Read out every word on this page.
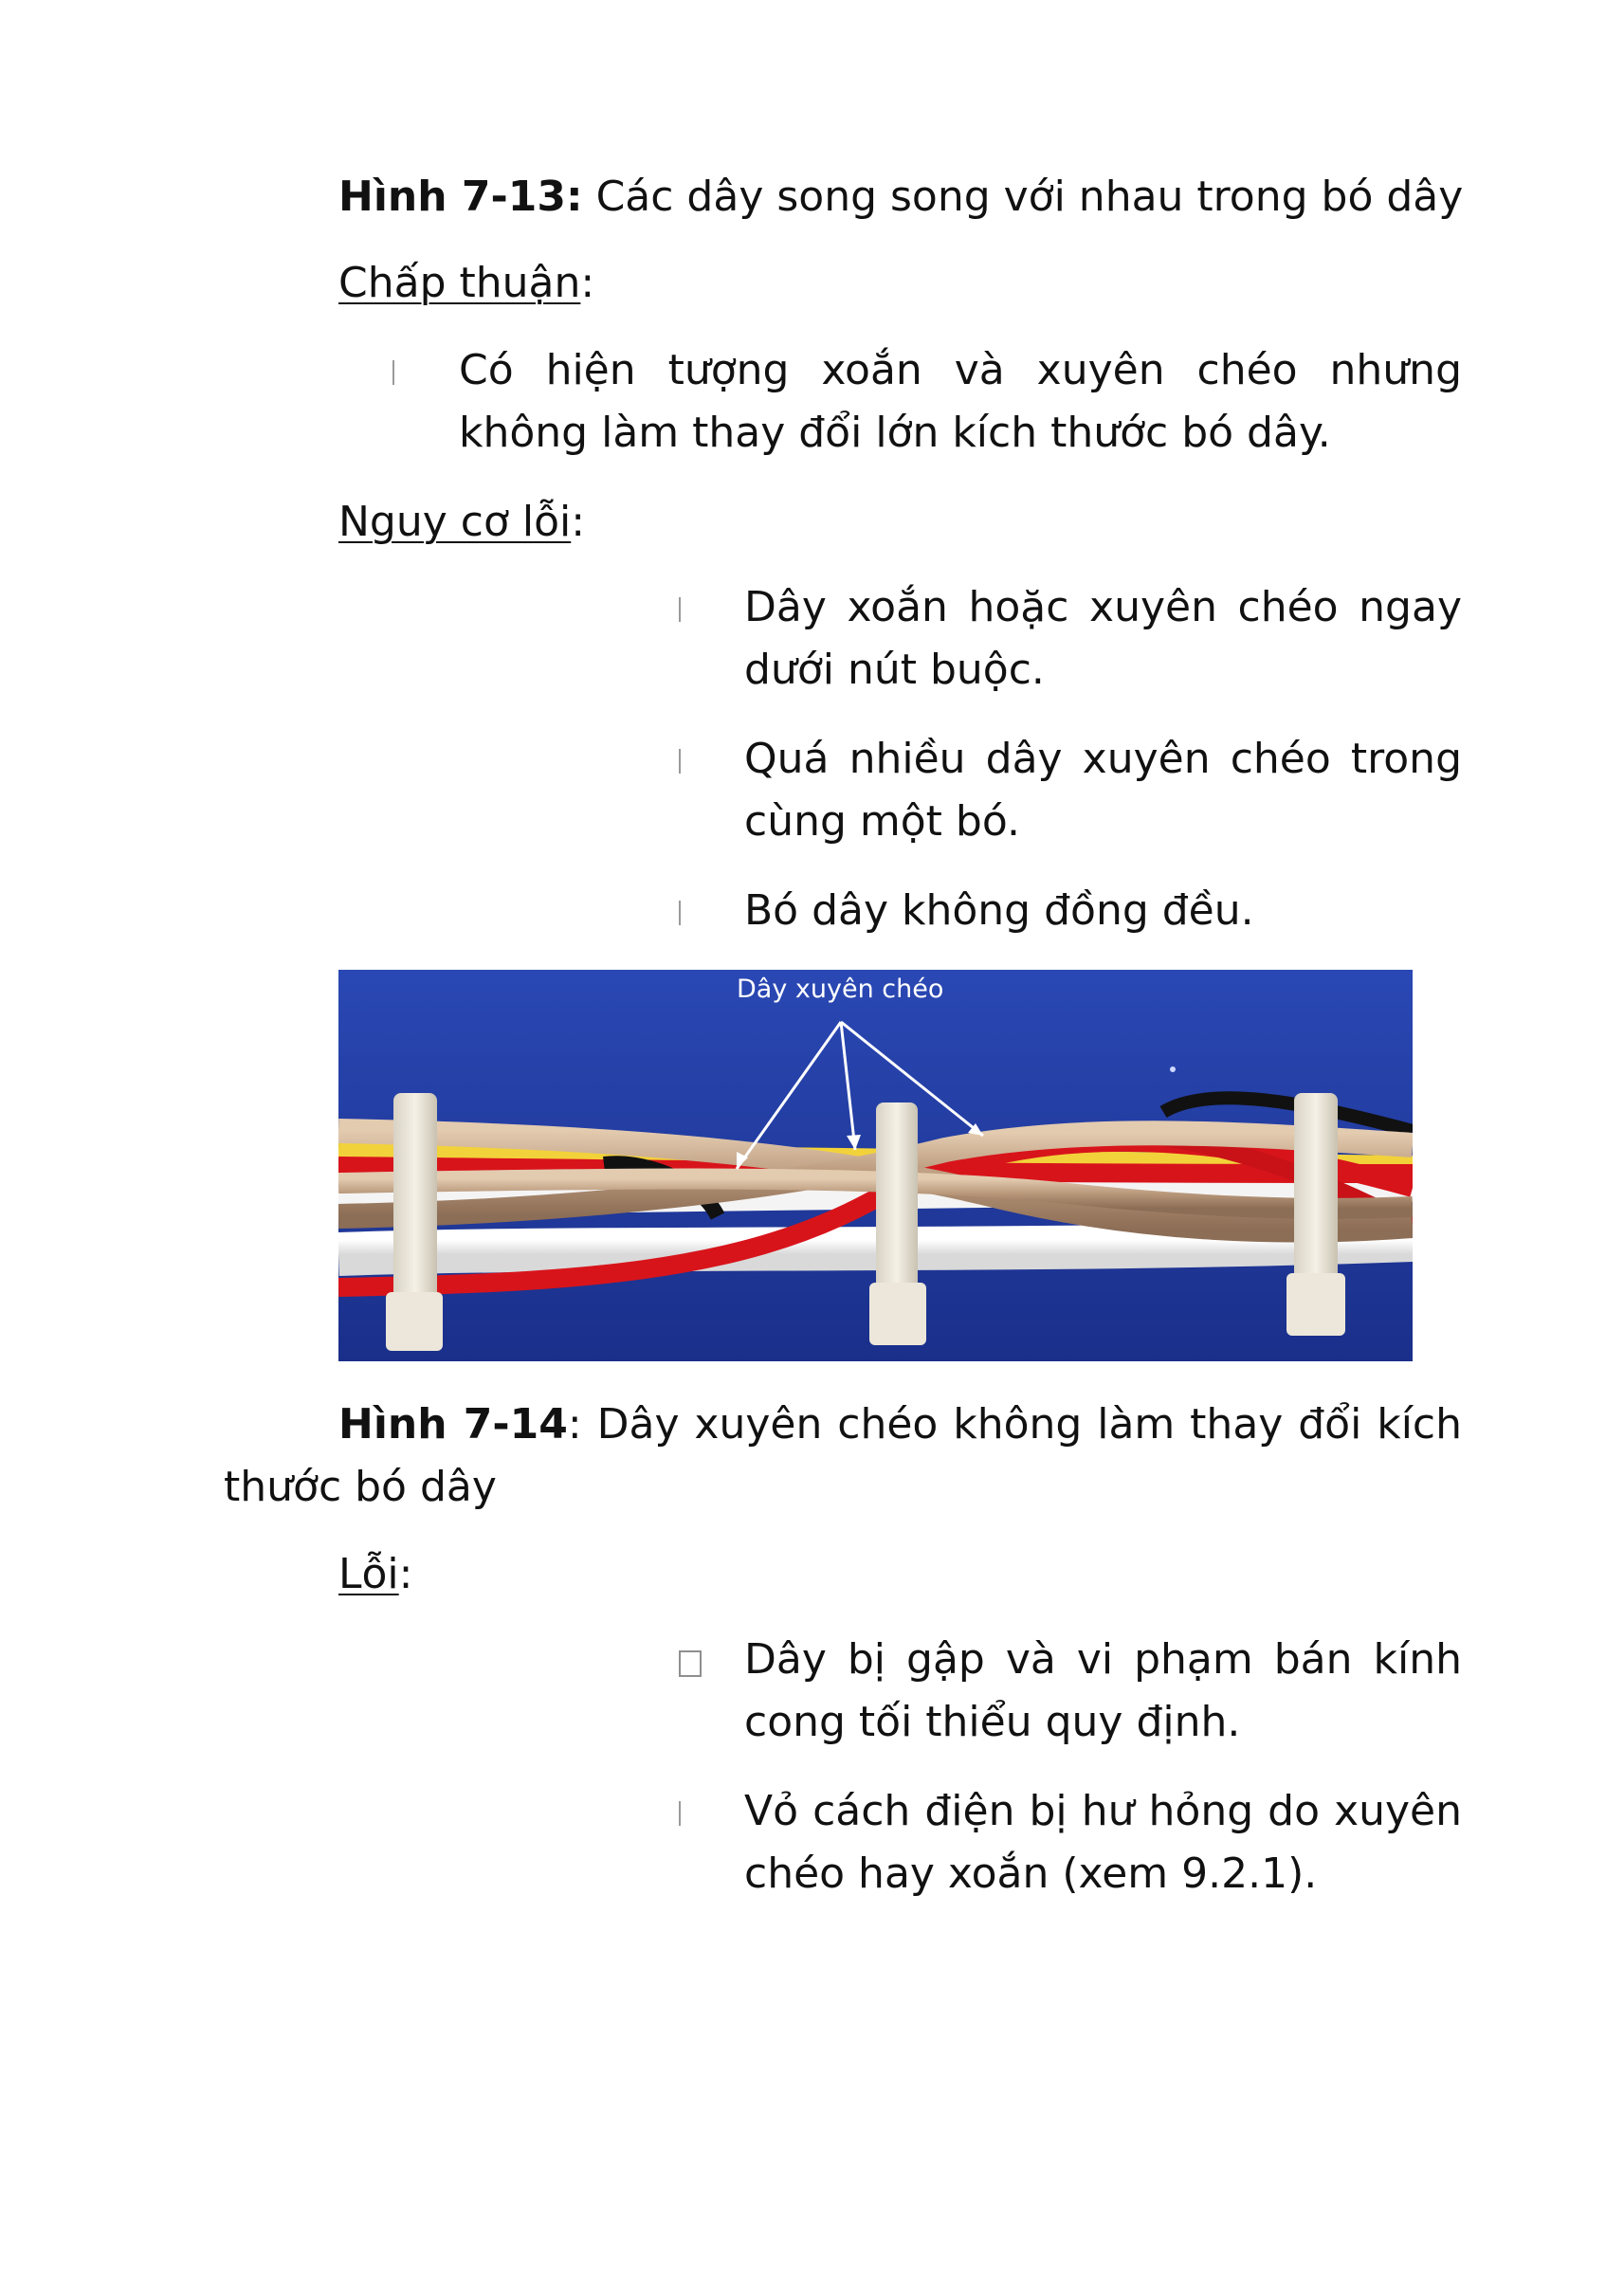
Hình 7-13: Các dây song song với nhau trong bó dây
Chấp thuận:
Có hiện tượng xoắn và xuyên chéo nhưng không làm thay đổi lớn kích thước bó dây.
Nguy cơ lỗi:
Dây xoắn hoặc xuyên chéo ngay dưới nút buộc.
Quá nhiều dây xuyên chéo trong cùng một bó.
Bó dây không đồng đều.
Dây xuyên chéo
Hình 7-14: Dây xuyên chéo không làm thay đổi kích thước bó dây
Lỗi:
Dây bị gập và vi phạm bán kính cong tối thiểu quy định.
Vỏ cách điện bị hư hỏng do xuyên chéo hay xoắn (xem 9.2.1).
